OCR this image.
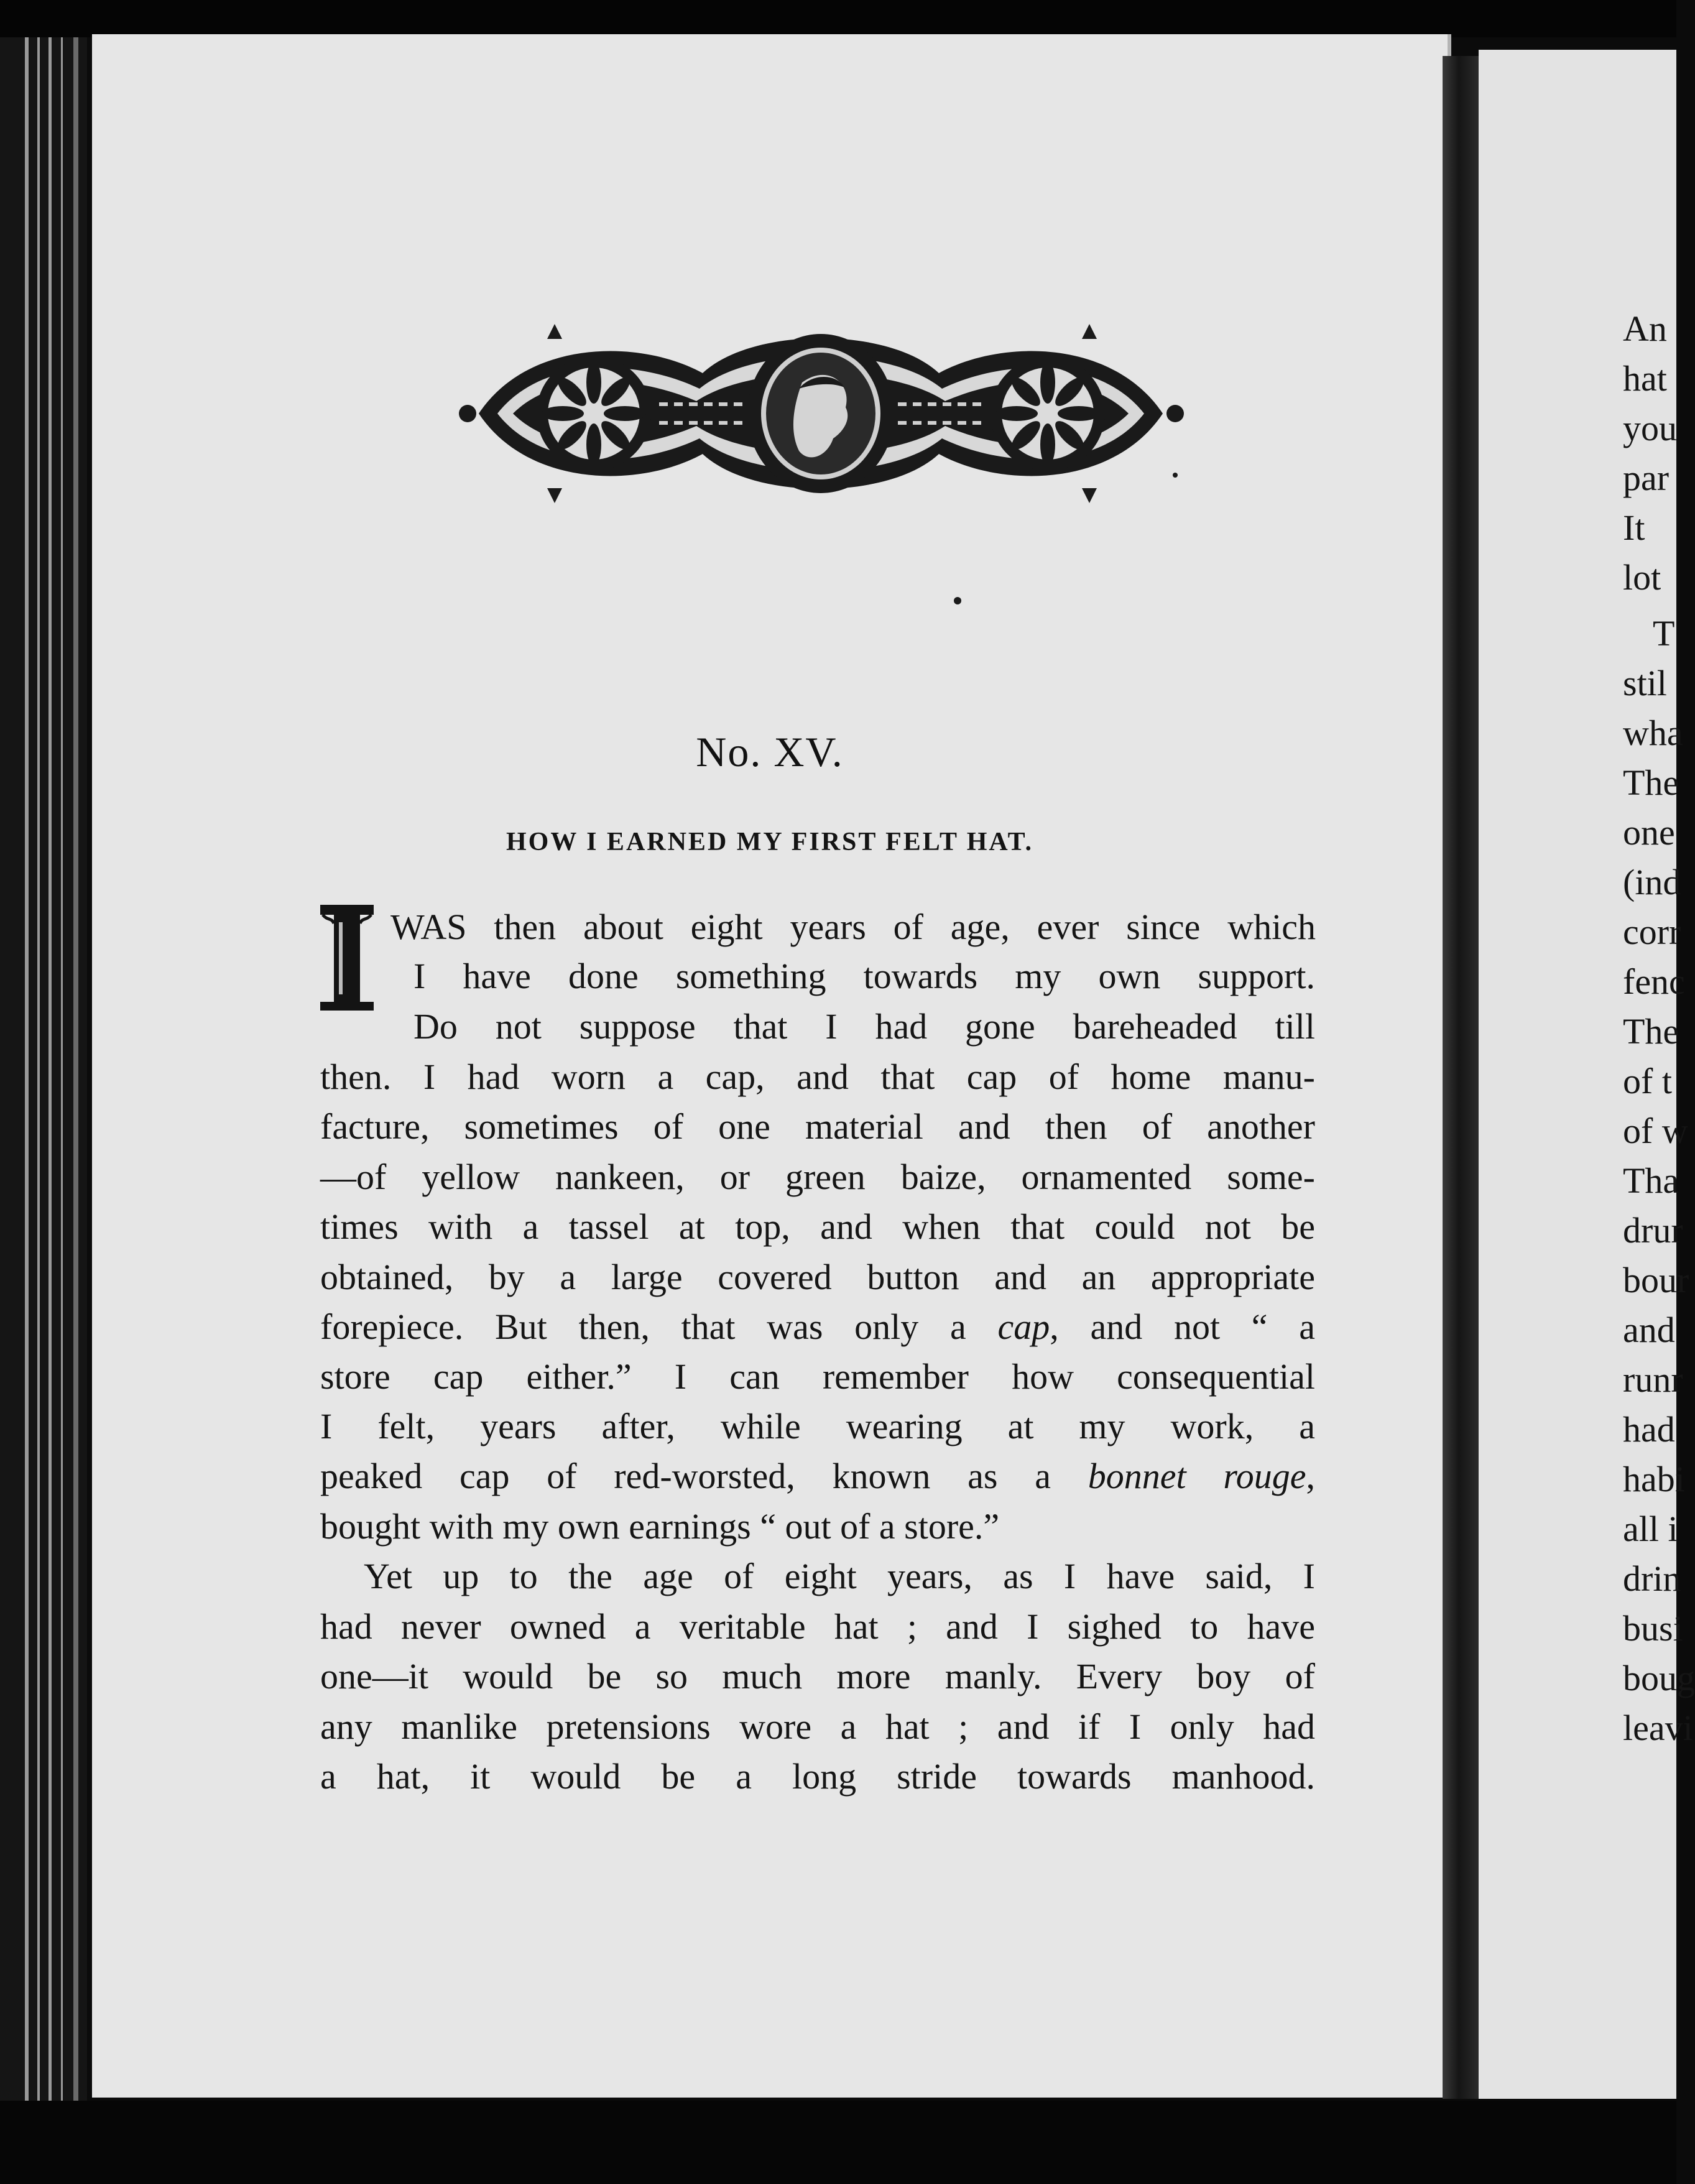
An
hat
you
par
It
lot
T
stil
wha
The
one
(ind
corr
fenc
The
of t
of w
Tha
drur
bour
and
runr
had
habi
all i
drin
busi
boug
leavi
No. XV.
HOW I EARNED MY FIRST FELT HAT.
WAS then about eight years of age, ever since which
I have done something towards my own support.
Do not suppose that I had gone bareheaded till
then. I had worn a cap, and that cap of home manu-
facture, sometimes of one material and then of another
—of yellow nankeen, or green baize, ornamented some-
times with a tassel at top, and when that could not be
obtained, by a large covered button and an appropriate
forepiece. But then, that was only a cap, and not “ a
store cap either.” I can remember how consequential
I felt, years after, while wearing at my work, a
peaked cap of red-worsted, known as a bonnet rouge,
bought with my own earnings “ out of a store.”
Yet up to the age of eight years, as I have said, I
had never owned a veritable hat ; and I sighed to have
one—it would be so much more manly. Every boy of
any manlike pretensions wore a hat ; and if I only had
a hat, it would be a long stride towards manhood.
